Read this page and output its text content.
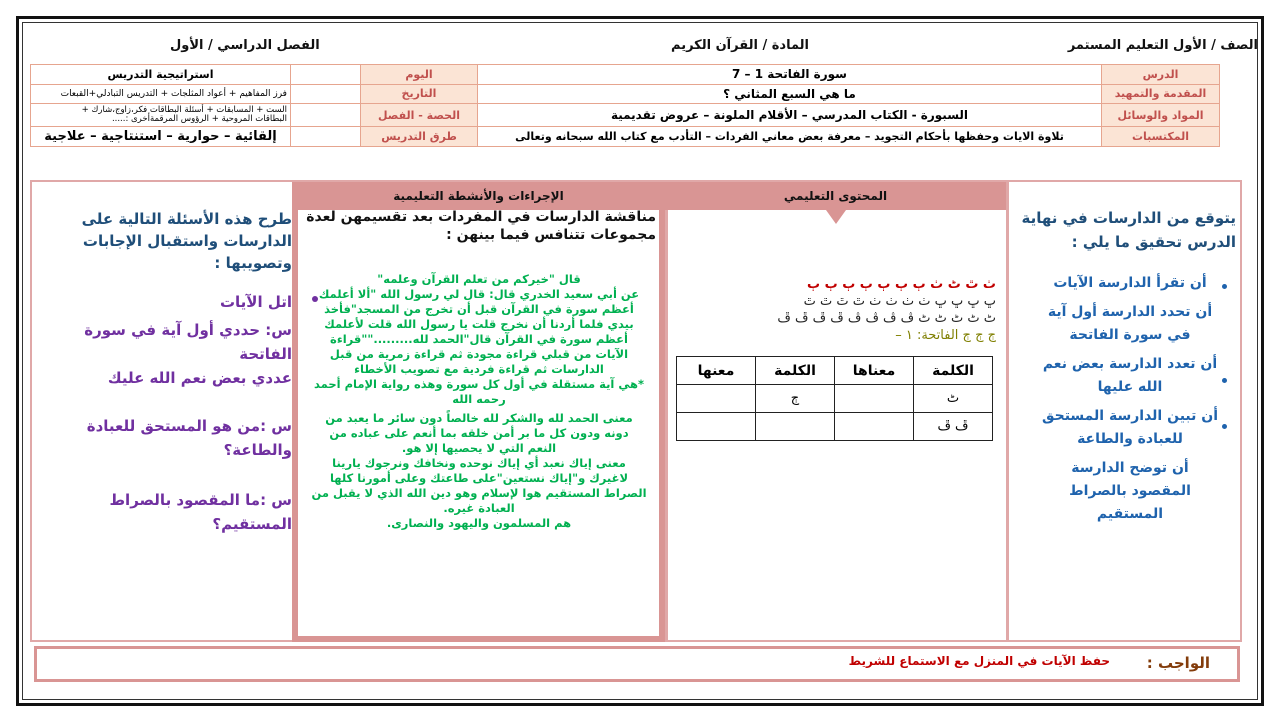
الصف / الأول التعليم المستمر
المادة / القرآن الكريم
الفصل الدراسي / الأول
استراتيجية التدريس		اليوم	سورة الفاتحة 1 – 7	الدرس
فرز المفاهيم + أعواد المثلجات + التدريس التبادلي+القبعات		التاريخ	ما هي السبع المثاني ؟	المقدمة والتمهيد

الست + المسابقات + أسئلة البطاقات فكر،زاوج،شارك +
البطاقات المروحية + الرؤوس المرقمةأخرى :.....		الحصة - الفصل	السبورة - الكتاب المدرسي – الأقلام الملونة – عروض تقديمية	المواد والوسائل
إلقائية – حوارية – استنتاجية – علاجية		طرق التدريس	تلاوة الايات وحفظها بأحكام التجويد – معرفة بعض معاني الفردات – التأدب مع كتاب الله سبحانه وتعالى	المكتسبات
يتوقع من الدارسات في نهاية الدرس تحقيق ما يلي :
أن تقرأ الدارسة الآيات
أن تحدد الدارسة أول آية في سورة الفاتحة
أن تعدد الدارسة بعض نعم الله عليها
أن تبين الدارسة المستحق للعبادة والطاعة
أن توضح الدارسة المقصود بالصراط المستقيم
المحتوى التعليمي
ٺ ٿ ٹ ٺ ٻ ٻ ٻ ٻ ٻ ٻ ٻ
ڀ ڀ ڀ ڀ ٺ ٺ ٺ ٺ ٿ ٿ ٿ ٿ
ٹ ٹ ٹ ٹ ٹ ڤ ڤ ڤ ڤ ڦ ڦ ڦ ڦ
ڄ ڄ ڄ الفاتحة: ١ –
الكلمة	معناها	الكلمة	معنها
ٹ		ڄ	
ڦ ڦ			
الإجراءات والأنشطة التعليمية
مناقشة الدارسات في المفردات بعد تقسيمهن لعدة مجموعات تتنافس فيما بينهن :
قال "خيركم من تعلم القرآن وعلمه"
عن أبي سعيد الخدري قال: قال لي رسول الله "ألا أعلمك
أعظم سورة في القرآن قبل أن تخرج من المسجد"فأخذ
بيدي فلما أردنا أن نخرج قلت يا رسول الله قلت لأعلمك
أعظم سورة في القرآن قال"الحمد لله.........""قراءة
الآيات من قبلي قراءة مجودة ثم قراءة زمرية من قبل
الدارسات ثم قراءة فردية مع تصويب الأخطاء
*هي آية مستقلة في أول كل سورة وهذه رواية الإمام أحمد
رحمه الله
معنى الحمد لله والشكر لله خالصاً دون سائر ما يعبد من
دونه ودون كل ما بر أمن خلقه بما أنعم على عباده من
النعم التي لا يحصيها إلا هو.
معنى إياك نعبد أي إياك نوحده ونخافك ونرجوك يارينا
لاغيرك و"إياك نستعين"على طاعتك وعلى أمورنا كلها
الصراط المستقيم هوا لإسلام وهو دين الله الذي لا يقبل من
العبادة غيره.
هم المسلمون واليهود والنصارى.
طرح هذه الأسئلة التالية على الدارسات واستقبال الإجابات وتصويبها :
اتل الآيات
س: حددي أول آية في سورة الفاتحة
عددي بعض نعم الله عليك
س :من هو المستحق للعبادة والطاعة؟
س :ما المقصود بالصراط المستقيم؟
الواجب :
حفظ الآيات في المنزل مع الاستماع للشريط
